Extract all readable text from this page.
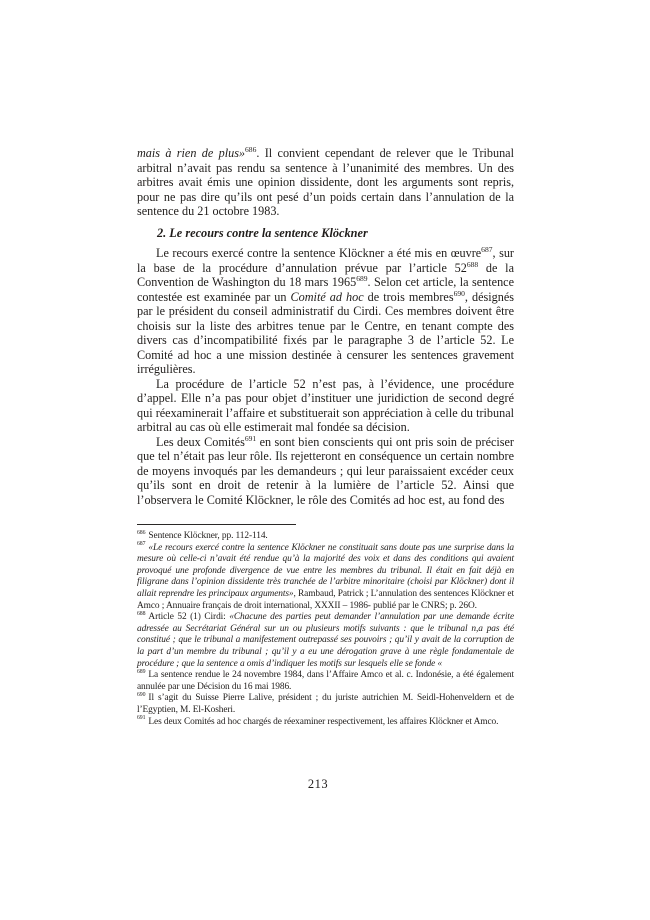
mais à rien de plus»$^{686}$. Il convient cependant de relever que le Tribunal arbitral n’avait pas rendu sa sentence à l’unanimité des membres. Un des arbitres avait émis une opinion dissidente, dont les arguments sont repris, pour ne pas dire qu’ils ont pesé d’un poids certain dans l’annulation de la sentence du 21 octobre 1983.

2. Le recours contre la sentence Klöckner

Le recours exercé contre la sentence Klöckner a été mis en œuvre$^{687}$, sur la base de la procédure d’annulation prévue par l’article $52^{688}$ de la Convention de Washington du 18 mars 1965$^{689}$. Selon cet article, la sentence contestée est examinée par un Comité ad hoc de trois membres$^{690}$, désignés par le président du conseil administratif du Cirdi. Ces membres doivent être choisis sur la liste des arbitres tenue par le Centre, en tenant compte des divers cas d’incompatibilité fixés par le paragraphe 3 de l’article 52. Le Comité ad hoc a une mission destinée à censurer les sentences gravement irrégulières.

La procédure de l’article 52 n’est pas, à l’évidence, une procédure d’appel. Elle n’a pas pour objet d’instituer une juridiction de second degré qui réexaminerait l’affaire et substituerait son appréciation à celle du tribunal arbitral au cas où elle estimerait mal fondée sa décision.

Les deux Comités$^{691}$ en sont bien conscients qui ont pris soin de préciser que tel n’était pas leur rôle. Ils rejetteront en conséquence un certain nombre de moyens invoqués par les demandeurs ; qui leur paraissaient excéder ceux qu’ils sont en droit de retenir à la lumière de l’article 52. Ainsi que l’observera le Comité Klöckner, le rôle des Comités ad hoc est, au fond des

$^{686}$ Sentence Klöckner, pp. 112-114.

$^{687}$ «Le recours exercé contre la sentence Klöckner ne constituait sans doute pas une surprise dans la mesure où celle-ci n’avait été rendue qu’à la majorité des voix et dans des conditions qui avaient provoqué une profonde divergence de vue entre les membres du tribunal. Il était en fait déjà en filigrane dans l’opinion dissidente très tranchée de l’arbitre minoritaire (choisi par Klöckner) dont il allait reprendre les principaux arguments», Rambaud, Patrick ; L’annulation des sentences Klöckner et Amco ; Annuaire français de droit international, XXXII – 1986- publié par le CNRS; p. 26O.

$^{688}$ Article 52 (1) Cirdi: «Chacune des parties peut demander l’annulation par une demande écrite adressée au Secrétariat Général sur un ou plusieurs motifs suivants : que le tribunal n,a pas été constitué ; que le tribunal a manifestement outrepassé ses pouvoirs ; qu’il y avait de la corruption de la part d’un membre du tribunal ; qu’il y a eu une dérogation grave à une règle fondamentale de procédure ; que la sentence a omis d’indiquer les motifs sur lesquels elle se fonde «

$^{689}$ La sentence rendue le 24 novembre 1984, dans l’Affaire Amco et al. c. Indonésie, a été également annulée par une Décision du 16 mai 1986.

$^{690}$ Il s’agit du Suisse Pierre Lalive, président ; du juriste autrichien M. Seidl-Hohenveldern et de l’Egyptien, M. El-Kosheri.

$^{691}$ Les deux Comités ad hoc chargés de réexaminer respectivement, les affaires Klöckner et Amco.

213
